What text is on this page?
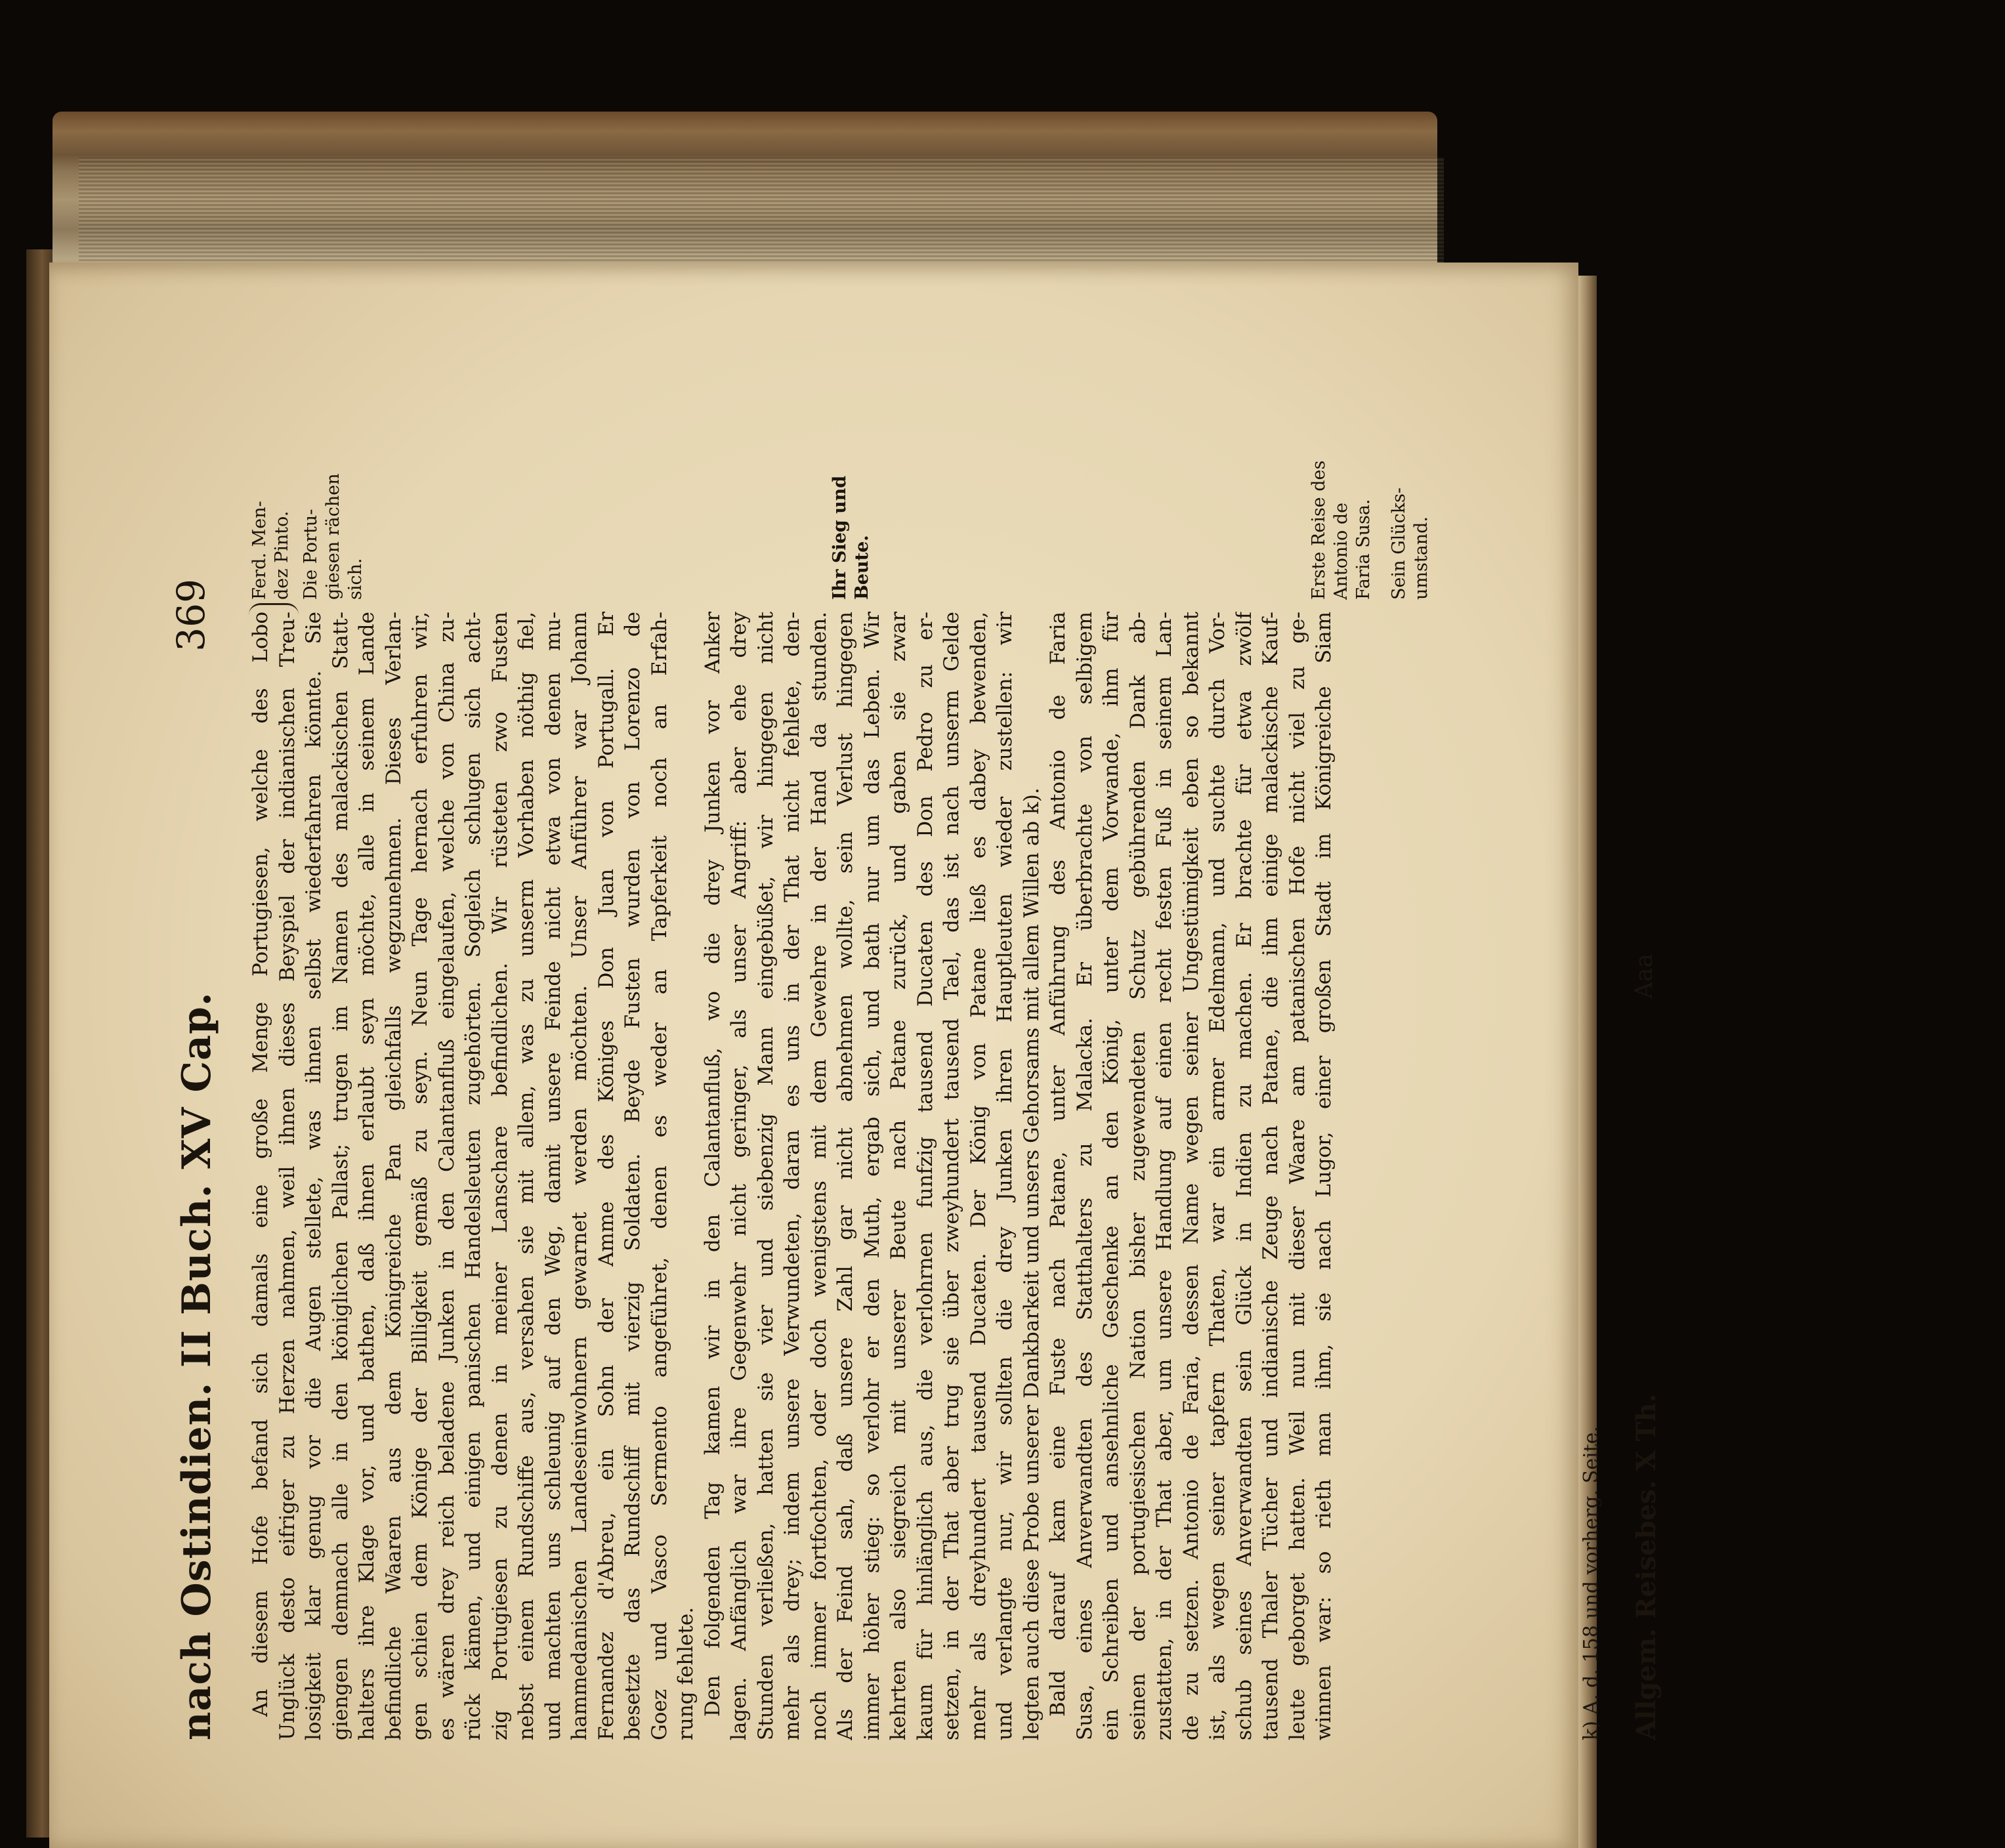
nach Ostindien. II Buch. XV Cap.
369 An diesem Hofe befand sich damals eine große Menge Portugiesen, welche des Lobo Unglück desto eifriger zu Herzen nahmen, weil ihnen dieses Beyspiel der indianischen Treu- losigkeit klar genug vor die Augen stellete, was ihnen selbst wiederfahren könnte. Sie giengen demnach alle in den königlichen Pallast; trugen im Namen des malackischen Statt- halters ihre Klage vor, und bathen, daß ihnen erlaubt seyn möchte, alle in seinem Lande befindliche Waaren aus dem Königreiche Pan gleichfalls wegzunehmen. Dieses Verlan- gen schien dem Könige der Billigkeit gemäß zu seyn. Neun Tage hernach erfuhren wir, es wären drey reich beladene Junken in den Calantanfluß eingelaufen, welche von China zu- rück kämen, und einigen panischen Handelsleuten zugehörten. Sogleich schlugen sich acht- zig Portugiesen zu denen in meiner Lanschare befindlichen. Wir rüsteten zwo Fusten nebst einem Rundschiffe aus, versahen sie mit allem, was zu unserm Vorhaben nöthig fiel, und machten uns schleunig auf den Weg, damit unsere Feinde nicht etwa von denen mu- hammedanischen Landeseinwohnern gewarnet werden möchten. Unser Anführer war Johann Fernandez d'Abreu, ein Sohn der Amme des Königes Don Juan von Portugall. Er besetzte das Rundschiff mit vierzig Soldaten. Beyde Fusten wurden von Lorenzo de Goez und Vasco Sermento angeführet, denen es weder an Tapferkeit noch an Erfah- rung fehlete. Den folgenden Tag kamen wir in den Calantanfluß, wo die drey Junken vor Anker lagen. Anfänglich war ihre Gegenwehr nicht geringer, als unser Angriff: aber ehe drey Stunden verließen, hatten sie vier und siebenzig Mann eingebüßet, wir hingegen nicht mehr als drey; indem unsere Verwundeten, daran es uns in der That nicht fehlete, den- noch immer fortfochten, oder doch wenigstens mit dem Gewehre in der Hand da stunden. Als der Feind sah, daß unsere Zahl gar nicht abnehmen wollte, sein Verlust hingegen immer höher stieg: so verlohr er den Muth, ergab sich, und bath nur um das Leben. Wir kehrten also siegreich mit unserer Beute nach Patane zurück, und gaben sie zwar kaum für hinlänglich aus, die verlohrnen funfzig tausend Ducaten des Don Pedro zu er- setzen, in der That aber trug sie über zweyhundert tausend Tael, das ist nach unserm Gelde mehr als dreyhundert tausend Ducaten. Der König von Patane ließ es dabey bewenden, und verlangte nur, wir sollten die drey Junken ihren Hauptleuten wieder zustellen: wir legten auch diese Probe unserer Dankbarkeit und unsers Gehorsams mit allem Willen ab k). Bald darauf kam eine Fuste nach Patane, unter Anführung des Antonio de Faria Susa, eines Anverwandten des Statthalters zu Malacka. Er überbrachte von selbigem ein Schreiben und ansehnliche Geschenke an den König, unter dem Vorwande, ihm für seinen der portugiesischen Nation bisher zugewendeten Schutz gebührenden Dank ab- zustatten, in der That aber, um unsere Handlung auf einen recht festen Fuß in seinem Lan- de zu setzen. Antonio de Faria, dessen Name wegen seiner Ungestümigkeit eben so bekannt ist, als wegen seiner tapfern Thaten, war ein armer Edelmann, und suchte durch Vor- schub seines Anverwandten sein Glück in Indien zu machen. Er brachte für etwa zwölf tausend Thaler Tücher und indianische Zeuge nach Patane, die ihm einige malackische Kauf- leute geborget hatten. Weil nun mit dieser Waare am patanischen Hofe nicht viel zu ge- winnen war: so rieth man ihm, sie nach Lugor, einer großen Stadt im Königreiche Siam
Ferd. Men- dez Pinto. Die Portu- giesen rächen sich.	Ihr Sieg und Beute.	Erste Reise des Antonio de Faria Susa. Sein Glücks- umstand.
k) A. d. 158 und vorherg. Seite. Allgem. Reisebes. X Th.
Aaa
